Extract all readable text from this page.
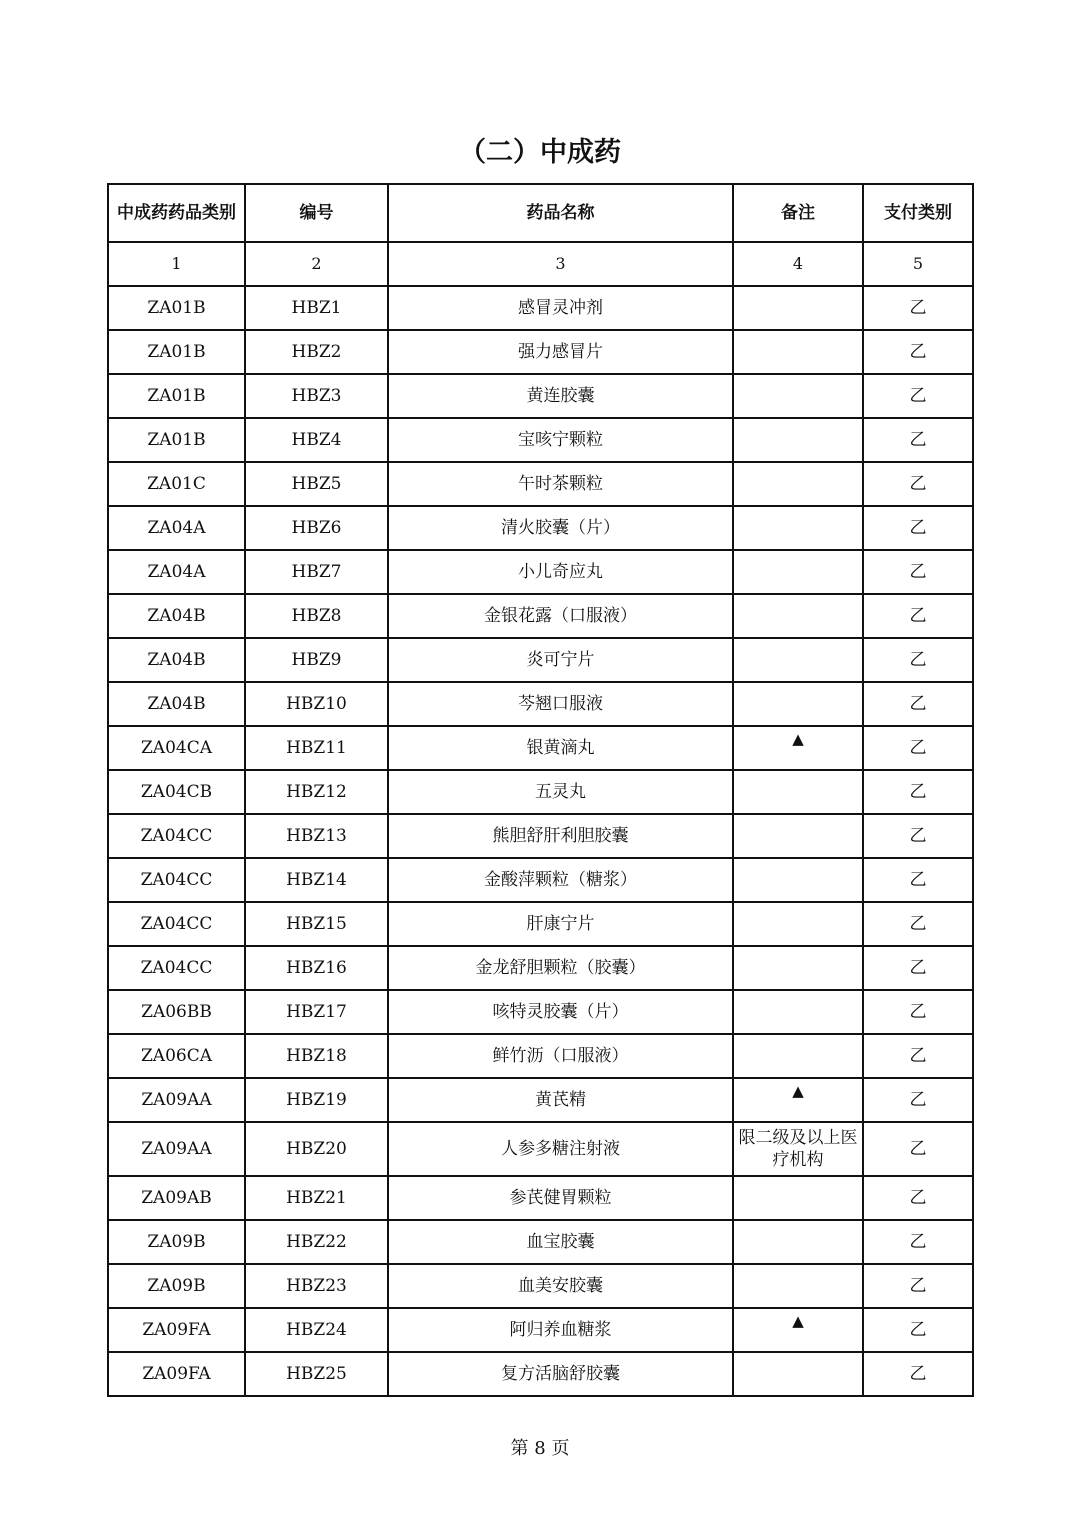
（二）中成药
中成药药品类别	编号	药品名称	备注	支付类别
1	2	3	4	5
ZA01B	HBZ1	感冒灵冲剂		乙
ZA01B	HBZ2	强力感冒片		乙
ZA01B	HBZ3	黄连胶囊		乙
ZA01B	HBZ4	宝咳宁颗粒		乙
ZA01C	HBZ5	午时茶颗粒		乙
ZA04A	HBZ6	清火胶囊（片）		乙
ZA04A	HBZ7	小儿奇应丸		乙
ZA04B	HBZ8	金银花露（口服液）		乙
ZA04B	HBZ9	炎可宁片		乙
ZA04B	HBZ10	芩翘口服液		乙
ZA04CA	HBZ11	银黄滴丸	▲	乙
ZA04CB	HBZ12	五灵丸		乙
ZA04CC	HBZ13	熊胆舒肝利胆胶囊		乙
ZA04CC	HBZ14	金酸萍颗粒（糖浆）		乙
ZA04CC	HBZ15	肝康宁片		乙
ZA04CC	HBZ16	金龙舒胆颗粒（胶囊）		乙
ZA06BB	HBZ17	咳特灵胶囊（片）		乙
ZA06CA	HBZ18	鲜竹沥（口服液）		乙
ZA09AA	HBZ19	黄芪精	▲	乙
ZA09AA	HBZ20	人参多糖注射液	限二级及以上医疗机构	乙
ZA09AB	HBZ21	参芪健胃颗粒		乙
ZA09B	HBZ22	血宝胶囊		乙
ZA09B	HBZ23	血美安胶囊		乙
ZA09FA	HBZ24	阿归养血糖浆	▲	乙
ZA09FA	HBZ25	复方活脑舒胶囊		乙
第 8 页
